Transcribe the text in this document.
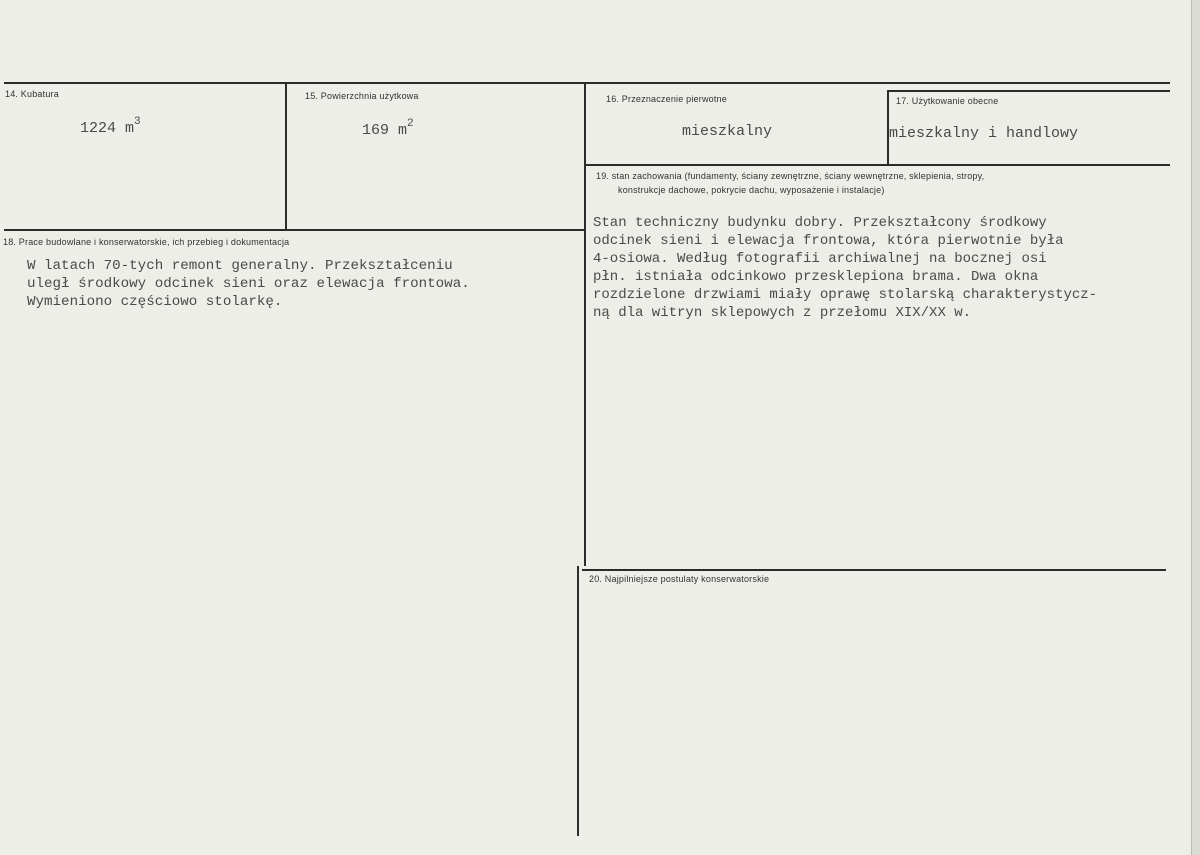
14. Kubatura
1224 $m^3$
15. Powierzchnia użytkowa
169 $m^2$
16. Przeznaczenie pierwotne
mieszkalny
17. Użytkowanie obecne
mieszkalny i handlowy
18. Prace budowlane i konserwatorskie, ich przebieg i dokumentacja
W latach 70-tych remont generalny. Przekształceniu
uległ środkowy odcinek sieni oraz elewacja frontowa.
Wymieniono częściowo stolarkę.
19. stan zachowania (fundamenty, ściany zewnętrzne, ściany wewnętrzne, sklepienia, stropy,
konstrukcje dachowe, pokrycie dachu, wyposażenie i instalacje)
Stan techniczny budynku dobry. Przekształcony środkowy
odcinek sieni i elewacja frontowa, która pierwotnie była
4-osiowa. Według fotografii archiwalnej na bocznej osi
płn. istniała odcinkowo przesklepiona brama. Dwa okna
rozdzielone drzwiami miały oprawę stolarską charakterystycz-
ną dla witryn sklepowych z przełomu XIX/XX w.
20. Najpilniejsze postulaty konserwatorskie
